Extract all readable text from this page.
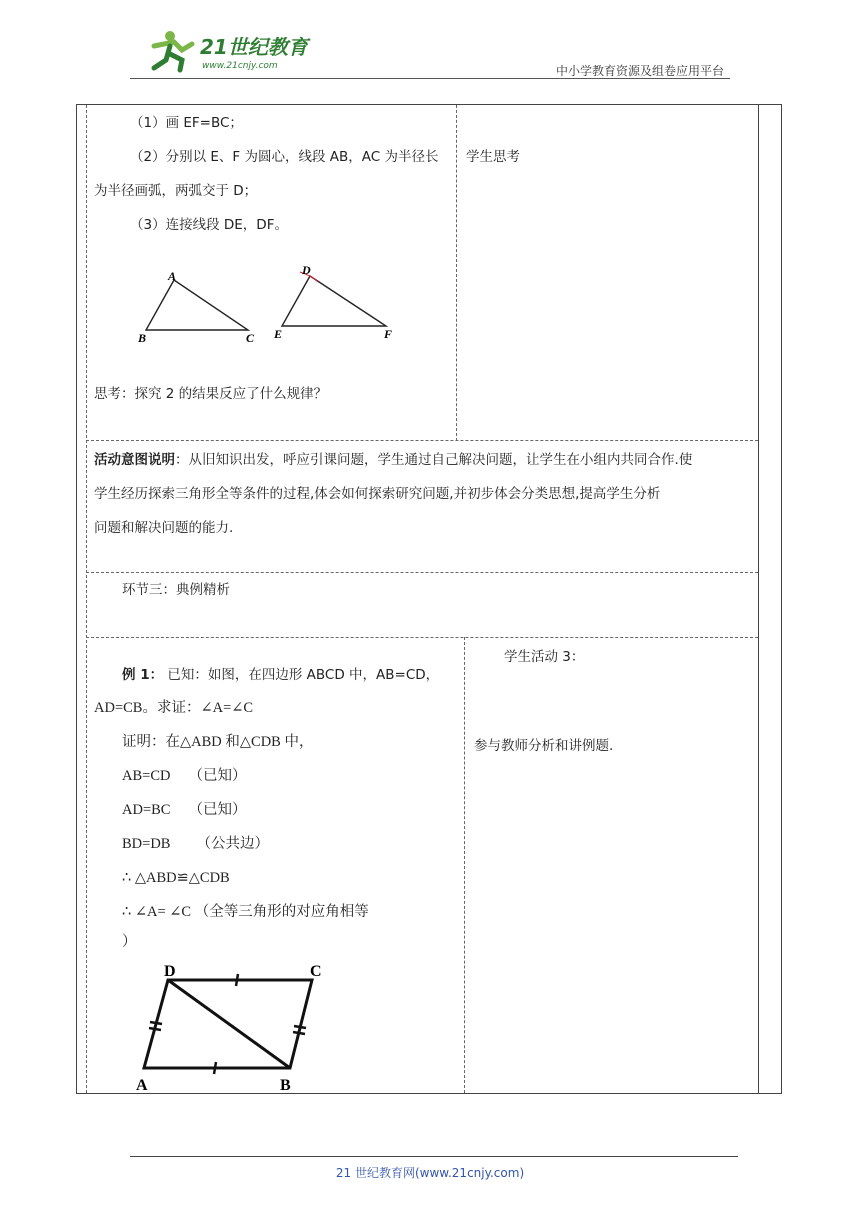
21世纪教育
www.21cnjy.com	中小学教育资源及组卷应用平台
（1）画 EF=BC；
（2）分别以 E、F 为圆心，线段 AB，AC 为半径长
为半径画弧，两弧交于 D；
（3）连接线段 DE，DF。
学生思考
A
B	C
D
E	F
思考：探究 2 的结果反应了什么规律？
活动意图说明：从旧知识出发，呼应引课问题，学生通过自己解决问题，让学生在小组内共同合作.使
学生经历探索三角形全等条件的过程,体会如何探索研究问题,并初步体会分类思想,提高学生分析
问题和解决问题的能力.
环节三：典例精析
例 1： 已知：如图，在四边形 ABCD 中，AB=CD，
AD=CB。求证：∠A=∠C
证明：在△ABD 和△CDB 中，
AB=CD （已知）
AD=BC （已知）
BD=DB （公共边）
∴ △ABD≌△CDB
∴ ∠A= ∠C （全等三角形的对应角相等
）
D	C
A	B
学生活动 3：
参与教师分析和讲例题.
21 世纪教育网(www.21cnjy.com)
